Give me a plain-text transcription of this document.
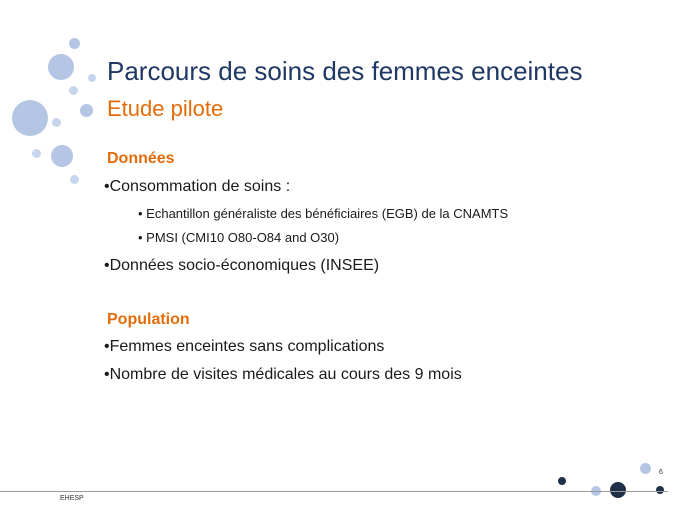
Parcours de soins des femmes enceintes
Etude pilote
Données
•Consommation de soins :
• Echantillon généraliste des bénéficiaires (EGB) de la CNAMTS
• PMSI (CMI10 O80-O84 and O30)
•Données socio-économiques (INSEE)
Population
•Femmes enceintes sans complications
•Nombre de visites médicales au cours des 9 mois
6
EHESP
